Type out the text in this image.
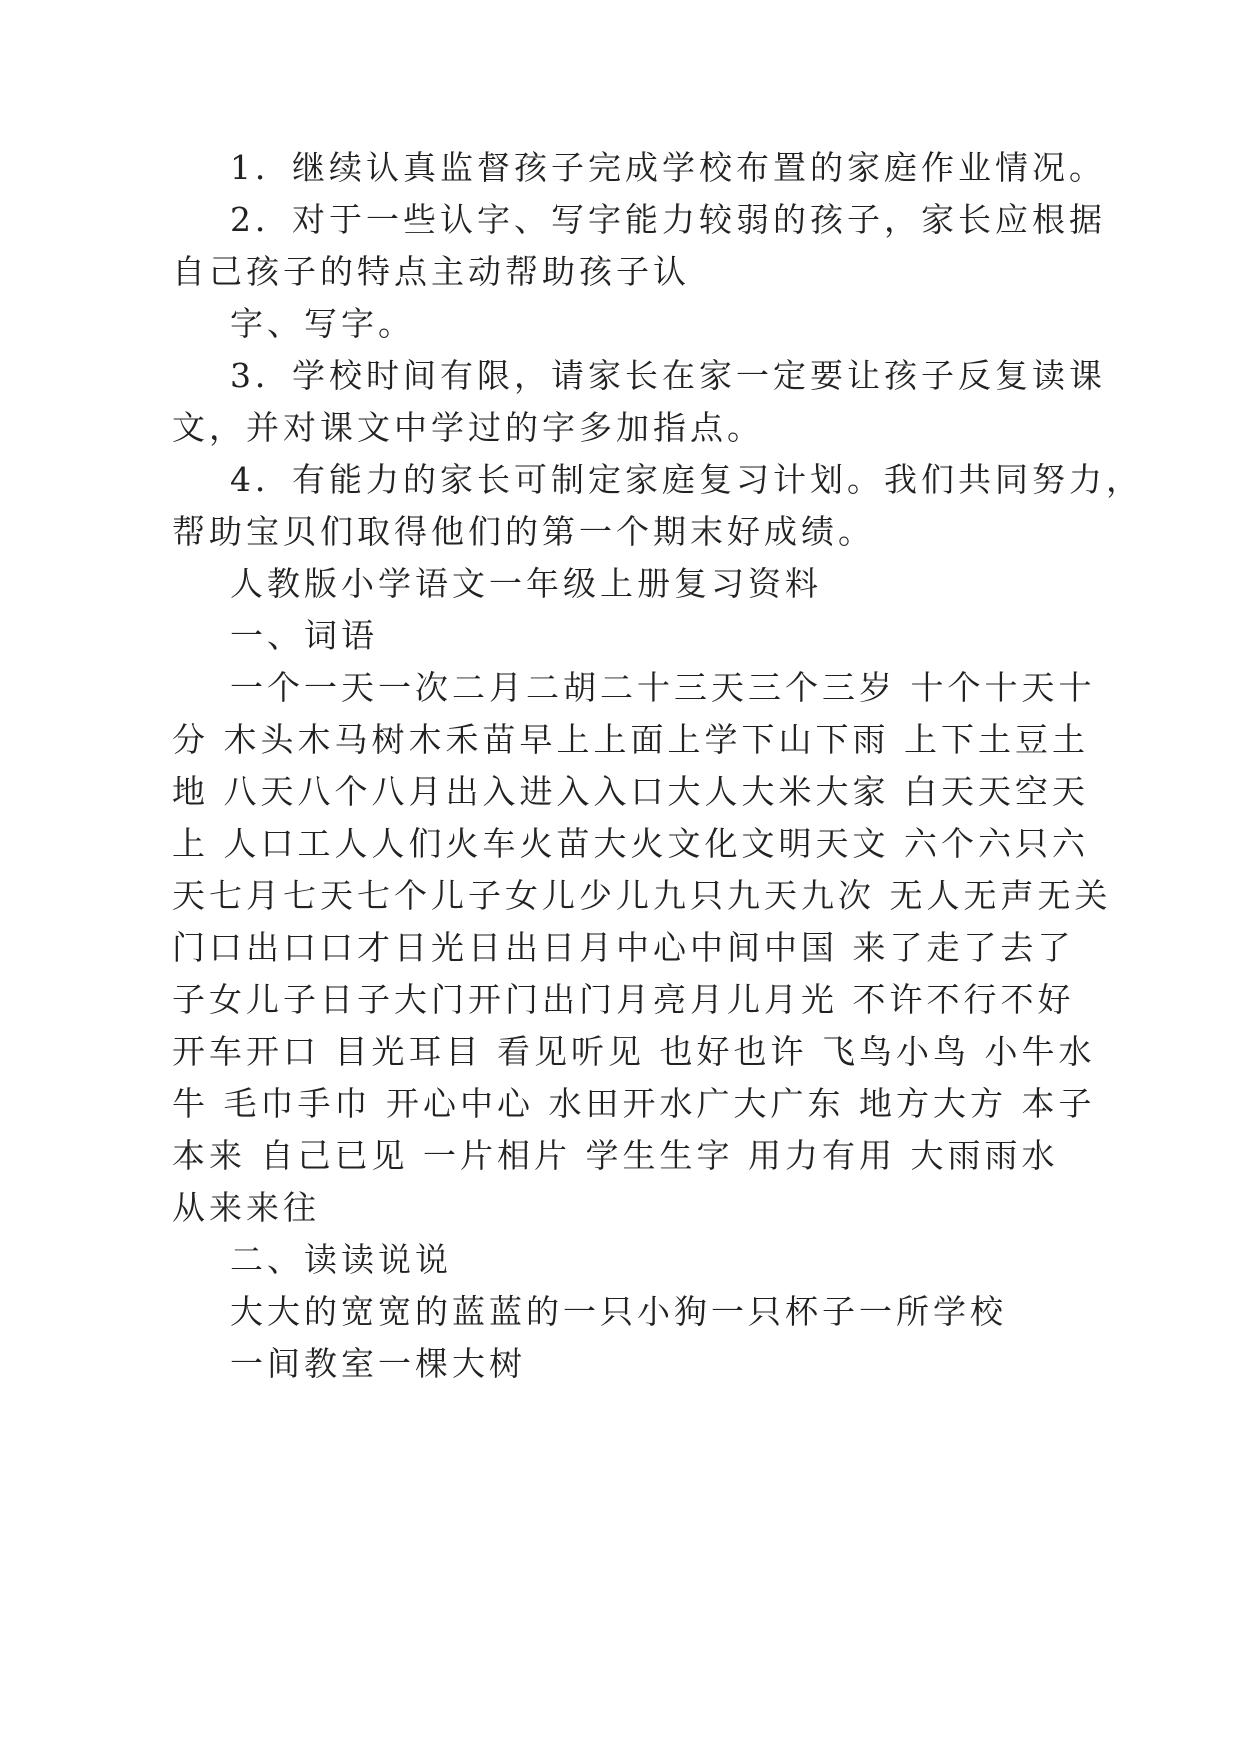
1．继续认真监督孩子完成学校布置的家庭作业情况。
2．对于一些认字、写字能力较弱的孩子，家长应根据
自己孩子的特点主动帮助孩子认
字、写字。
3．学校时间有限，请家长在家一定要让孩子反复读课
文，并对课文中学过的字多加指点。
4．有能力的家长可制定家庭复习计划。我们共同努力，
帮助宝贝们取得他们的第一个期末好成绩。
人教版小学语文一年级上册复习资料
一、词语
一个一天一次二月二胡二十三天三个三岁 十个十天十
分 木头木马树木禾苗早上上面上学下山下雨 上下土豆土
地 八天八个八月出入进入入口大人大米大家 白天天空天
上 人口工人人们火车火苗大火文化文明天文 六个六只六
天七月七天七个儿子女儿少儿九只九天九次 无人无声无关
门口出口口才日光日出日月中心中间中国 来了走了去了
子女儿子日子大门开门出门月亮月儿月光 不许不行不好
开车开口 目光耳目 看见听见 也好也许 飞鸟小鸟 小牛水
牛 毛巾手巾 开心中心 水田开水广大广东 地方大方 本子
本来 自己已见 一片相片 学生生字 用力有用 大雨雨水
从来来往
二、读读说说
大大的宽宽的蓝蓝的一只小狗一只杯子一所学校
一间教室一棵大树
